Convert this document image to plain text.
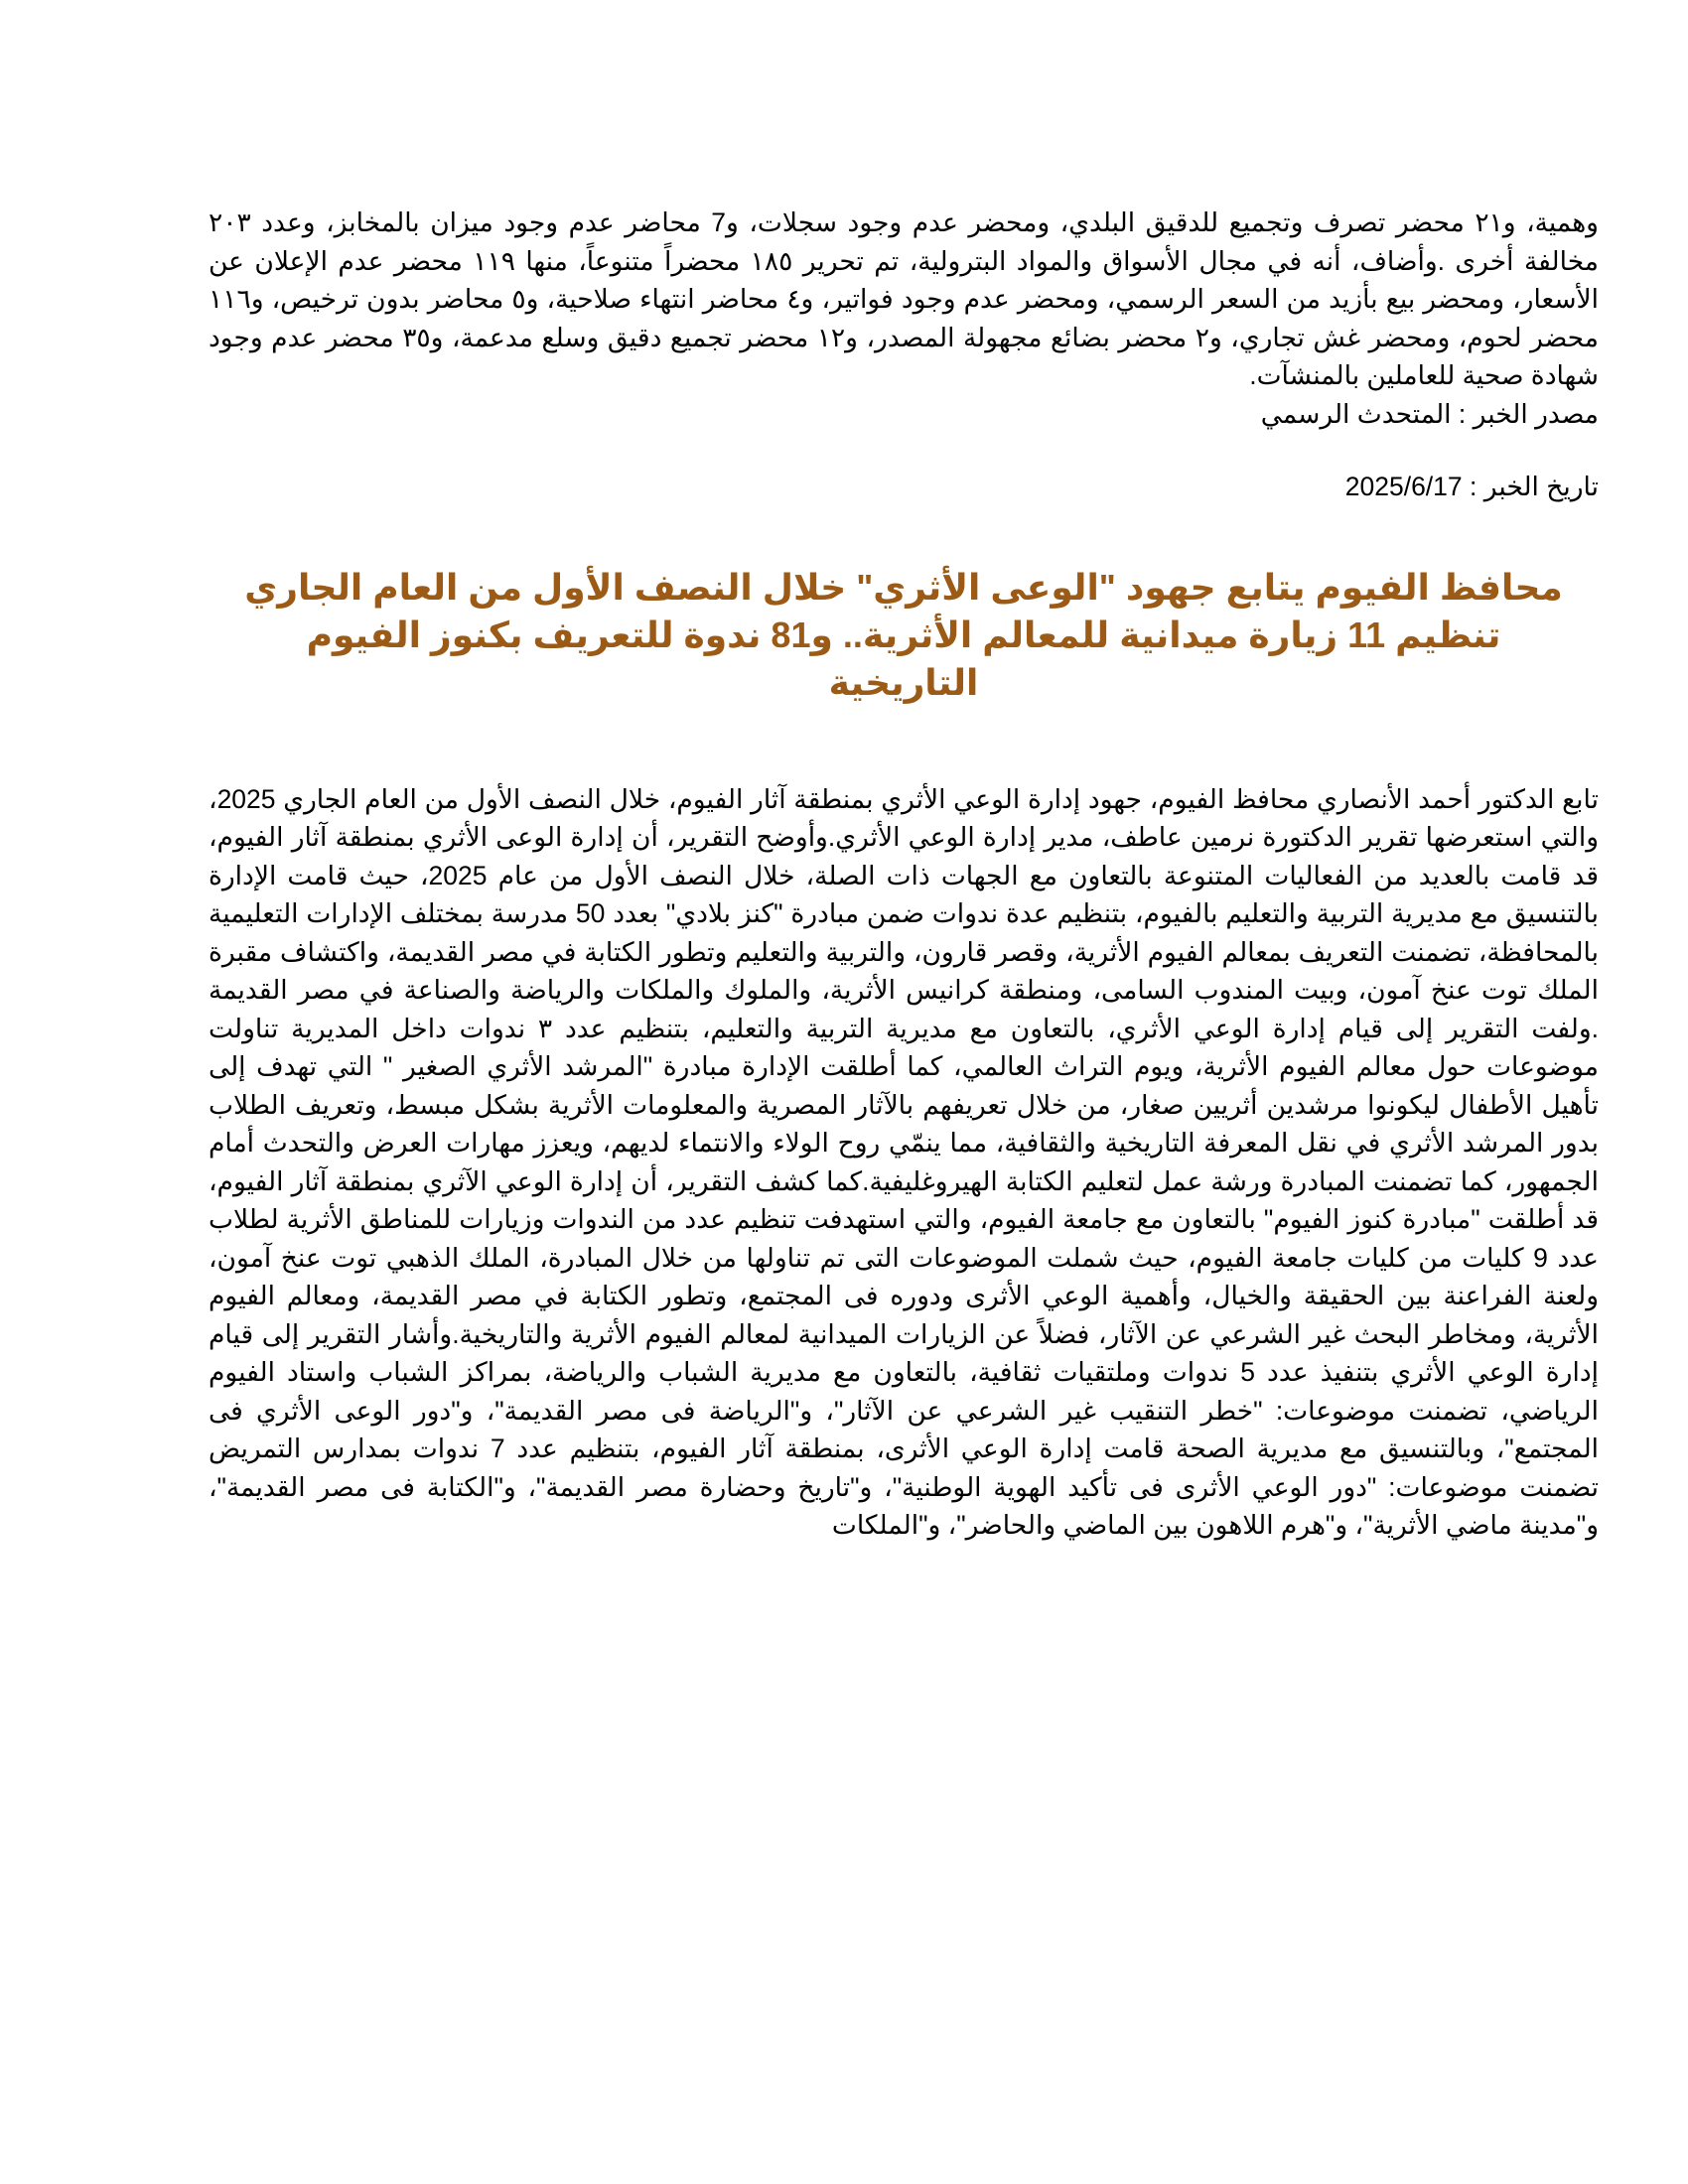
وهمية، و٢١ محضر تصرف وتجميع للدقيق البلدي، ومحضر عدم وجود سجلات، و7 محاضر عدم وجود ميزان بالمخابز، وعدد ٢٠٣ مخالفة أخرى .وأضاف، أنه في مجال الأسواق والمواد البترولية، تم تحرير ١٨٥ محضراً متنوعاً، منها ١١٩ محضر عدم الإعلان عن الأسعار، ومحضر بيع بأزيد من السعر الرسمي، ومحضر عدم وجود فواتير، و٤ محاضر انتهاء صلاحية، و٥ محاضر بدون ترخيص، و١١٦ محضر لحوم، ومحضر غش تجاري، و٢ محضر بضائع مجهولة المصدر، و١٢ محضر تجميع دقيق وسلع مدعمة، و٣٥ محضر عدم وجود شهادة صحية للعاملين بالمنشآت.

مصدر الخبر : المتحدث الرسمي

تاريخ الخبر : 2025/6/17

محافظ الفيوم يتابع جهود "الوعى الأثري" خلال النصف الأول من العام الجاري
تنظيم 11 زيارة ميدانية للمعالم الأثرية.. و81 ندوة للتعريف بكنوز الفيوم
التاريخية

تابع الدكتور أحمد الأنصاري محافظ الفيوم، جهود إدارة الوعي الأثري بمنطقة آثار الفيوم، خلال النصف الأول من العام الجاري 2025، والتي استعرضها تقرير الدكتورة نرمين عاطف، مدير إدارة الوعي الأثري.وأوضح التقرير، أن إدارة الوعى الأثري بمنطقة آثار الفيوم، قد قامت بالعديد من الفعاليات المتنوعة بالتعاون مع الجهات ذات الصلة، خلال النصف الأول من عام 2025، حيث قامت الإدارة بالتنسيق مع مديرية التربية والتعليم بالفيوم، بتنظيم عدة ندوات ضمن مبادرة "كنز بلادي" بعدد 50 مدرسة بمختلف الإدارات التعليمية بالمحافظة، تضمنت التعريف بمعالم الفيوم الأثرية، وقصر قارون، والتربية والتعليم وتطور الكتابة في مصر القديمة، واكتشاف مقبرة الملك توت عنخ آمون، وبيت المندوب السامى، ومنطقة كرانيس الأثرية، والملوك والملكات والرياضة والصناعة في مصر القديمة .ولفت التقرير إلى قيام إدارة الوعي الأثري، بالتعاون مع مديرية التربية والتعليم، بتنظيم عدد ٣ ندوات داخل المديرية تناولت موضوعات حول معالم الفيوم الأثرية، ويوم التراث العالمي، كما أطلقت الإدارة مبادرة "المرشد الأثري الصغير " التي تهدف إلى تأهيل الأطفال ليكونوا مرشدين أثريين صغار، من خلال تعريفهم بالآثار المصرية والمعلومات الأثرية بشكل مبسط، وتعريف الطلاب بدور المرشد الأثري في نقل المعرفة التاريخية والثقافية، مما ينمّي روح الولاء والانتماء لديهم، ويعزز مهارات العرض والتحدث أمام الجمهور، كما تضمنت المبادرة ورشة عمل لتعليم الكتابة الهيروغليفية.كما كشف التقرير، أن إدارة الوعي الآثري بمنطقة آثار الفيوم، قد أطلقت "مبادرة كنوز الفيوم" بالتعاون مع جامعة الفيوم، والتي استهدفت تنظيم عدد من الندوات وزيارات للمناطق الأثرية لطلاب عدد 9 كليات من كليات جامعة الفيوم، حيث شملت الموضوعات التى تم تناولها من خلال المبادرة، الملك الذهبي توت عنخ آمون، ولعنة الفراعنة بين الحقيقة والخيال، وأهمية الوعي الأثرى ودوره فى المجتمع، وتطور الكتابة في مصر القديمة، ومعالم الفيوم الأثرية، ومخاطر البحث غير الشرعي عن الآثار، فضلاً عن الزيارات الميدانية لمعالم الفيوم الأثرية والتاريخية.وأشار التقرير إلى قيام إدارة الوعي الأثري بتنفيذ عدد 5 ندوات وملتقيات ثقافية، بالتعاون مع مديرية الشباب والرياضة، بمراكز الشباب واستاد الفيوم الرياضي، تضمنت موضوعات: "خطر التنقيب غير الشرعي عن الآثار"، و"الرياضة فى مصر القديمة"، و"دور الوعى الأثري فى المجتمع"، وبالتنسيق مع مديرية الصحة قامت إدارة الوعي الأثرى، بمنطقة آثار الفيوم، بتنظيم عدد 7 ندوات بمدارس التمريض تضمنت موضوعات: "دور الوعي الأثرى فى تأكيد الهوية الوطنية"، و"تاريخ وحضارة مصر القديمة"، و"الكتابة فى مصر القديمة"، و"مدينة ماضي الأثرية"، و"هرم اللاهون بين الماضي والحاضر"، و"الملكات
